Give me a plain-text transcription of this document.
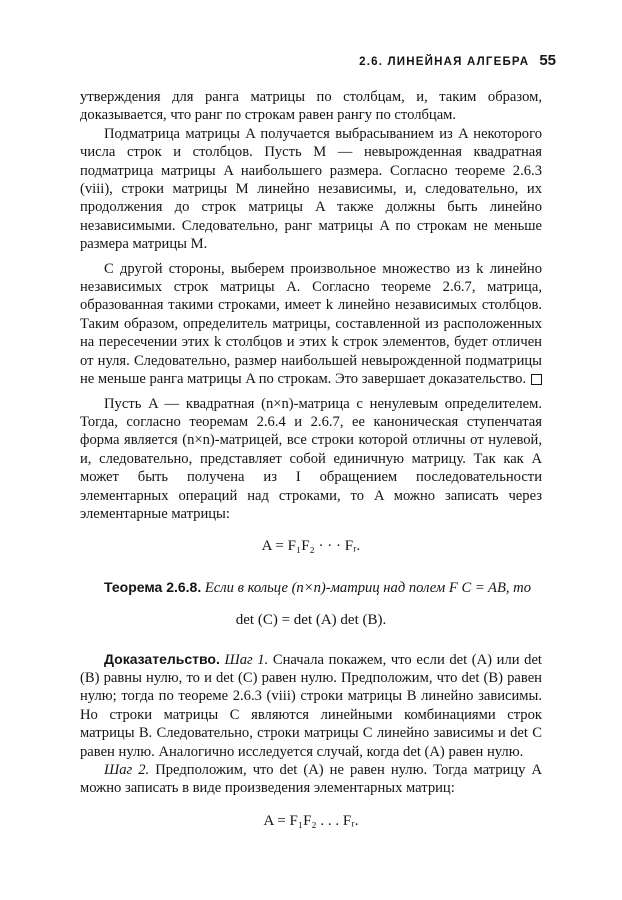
2.6. ЛИНЕЙНАЯ АЛГЕБРА 55

утверждения для ранга матрицы по столбцам, и, таким образом, доказывается, что ранг по строкам равен рангу по столбцам.

Подматрица матрицы A получается выбрасыванием из A некоторого числа строк и столбцов. Пусть M — невырожденная квадратная подматрица матрицы A наибольшего размера. Согласно теореме 2.6.3 (viii), строки матрицы M линейно независимы, и, следовательно, их продолжения до строк матрицы A также должны быть линейно независимыми. Следовательно, ранг матрицы A по строкам не меньше размера матрицы M.

С другой стороны, выберем произвольное множество из k линейно независимых строк матрицы A. Согласно теореме 2.6.7, матрица, образованная такими строками, имеет k линейно независимых столбцов. Таким образом, определитель матрицы, составленной из расположенных на пересечении этих k столбцов и этих k строк элементов, будет отличен от нуля. Следовательно, размер наибольшей невырожденной подматрицы не меньше ранга матрицы A по строкам. Это завершает доказательство.

Пусть A — квадратная (n×n)-матрица с ненулевым определителем. Тогда, согласно теоремам 2.6.4 и 2.6.7, ее каноническая ступенчатая форма является (n×n)-матрицей, все строки которой отличны от нулевой, и, следовательно, представляет собой единичную матрицу. Так как A может быть получена из I обращением последовательности элементарных операций над строками, то A можно записать через элементарные матрицы:

A = F₁F₂ · · · Fᵣ.

Теорема 2.6.8. Если в кольце (n×n)-матриц над полем F C = AB, то

det (C) = det (A) det (B).

Доказательство. Шаг 1. Сначала покажем, что если det (A) или det (B) равны нулю, то и det (C) равен нулю. Предположим, что det (B) равен нулю; тогда по теореме 2.6.3 (viii) строки матрицы B линейно зависимы. Но строки матрицы C являются линейными комбинациями строк матрицы B. Следовательно, строки матрицы C линейно зависимы и det C равен нулю. Аналогично исследуется случай, когда det (A) равен нулю.

Шаг 2. Предположим, что det (A) не равен нулю. Тогда матрицу A можно записать в виде произведения элементарных матриц:

A = F₁F₂ . . . Fᵣ.
